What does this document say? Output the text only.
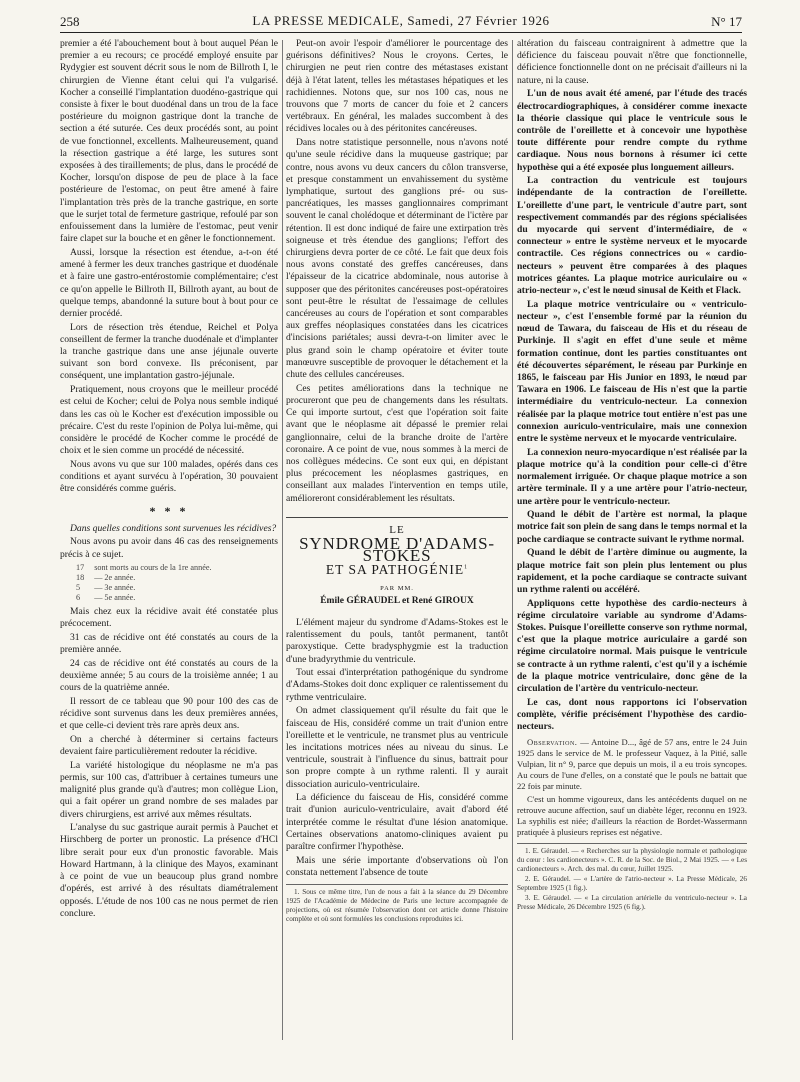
258	LA PRESSE MEDICALE, Samedi, 27 Février 1926	N° 17

premier a été l'abouchement bout à bout auquel Péan le premier a eu recours; ce procédé employé ensuite par Rydygier est souvent décrit sous le nom de Billroth I, le chirurgien de Vienne étant celui qui l'a vulgarisé. Kocher a conseillé l'implantation duodéno-gastrique qui consiste à fixer le bout duodénal dans un trou de la face postérieure du moignon gastrique dont la tranche de section a été suturée. Ces deux procédés sont, au point de vue fonctionnel, excellents. Malheureusement, quand la résection gastrique a été large, les sutures sont exposées à des tiraillements; de plus, dans le procédé de Kocher, lorsqu'on dispose de peu de place à la face postérieure de l'estomac, on peut être amené à faire l'implantation très près de la tranche gastrique, en sorte que le surjet total de fermeture gastrique, refoulé par son enfouissement dans la lumière de l'estomac, peut venir faire clapet sur la bouche et en gêner le fonctionnement.

Aussi, lorsque la résection est étendue, a-t-on été amené à fermer les deux tranches gastrique et duodénale et à faire une gastro-entérostomie complémentaire; c'est ce qu'on appelle le Billroth II, Billroth ayant, au bout de quelque temps, abandonné la suture bout à bout pour ce dernier procédé.

Lors de résection très étendue, Reichel et Polya conseillent de fermer la tranche duodénale et d'implanter la tranche gastrique dans une anse jéjunale ouverte suivant son bord convexe. Ils préconisent, par conséquent, une implantation gastro-jéjunale.

Pratiquement, nous croyons que le meilleur procédé est celui de Kocher; celui de Polya nous semble indiqué dans les cas où le Kocher est d'exécution impossible ou précaire. C'est du reste l'opinion de Polya lui-même, qui considère le procédé de Kocher comme le procédé de choix et le sien comme un procédé de nécessité.

Nous avons vu que sur 100 malades, opérés dans ces conditions et ayant survécu à l'opération, 30 pouvaient être considérés comme guéris.

* * *

Dans quelles conditions sont survenues les récidives?

Nous avons pu avoir dans 46 cas des renseignements précis à ce sujet.

17	sont morts au cours de la 1re année.
18	— 2e année.
5	— 3e année.
6	— 5e année.

Mais chez eux la récidive avait été constatée plus précocement.

31 cas de récidive ont été constatés au cours de la première année.

24 cas de récidive ont été constatés au cours de la deuxième année; 5 au cours de la troisième année; 1 au cours de la quatrième année.

Il ressort de ce tableau que 90 pour 100 des cas de récidive sont survenus dans les deux premières années, et que celle-ci devient très rare après deux ans.

On a cherché à déterminer si certains facteurs devaient faire particulièrement redouter la récidive.

La variété histologique du néoplasme ne m'a pas permis, sur 100 cas, d'attribuer à certaines tumeurs une malignité plus grande qu'à d'autres; mon collègue Lion, qui a fait opérer un grand nombre de ses malades par divers chirurgiens, est arrivé aux mêmes résultats.

L'analyse du suc gastrique aurait permis à Pauchet et Hirschberg de porter un pronostic. La présence d'HCl libre serait pour eux d'un pronostic favorable. Mais Howard Hartmann, à la clinique des Mayos, examinant à ce point de vue un beaucoup plus grand nombre d'opérés, est arrivé à des résultats diamétralement opposés. L'étude de nos 100 cas ne nous permet de rien conclure.

Peut-on avoir l'espoir d'améliorer le pourcentage des guérisons définitives? Nous le croyons. Certes, le chirurgien ne peut rien contre des métastases existant déjà à l'état latent, telles les métastases hépatiques et les rachidiennes. Notons que, sur nos 100 cas, nous ne trouvons que 7 morts de cancer du foie et 2 cancers vertébraux. En général, les malades succombent à des récidives locales ou à des péritonites cancéreuses.

Dans notre statistique personnelle, nous n'avons noté qu'une seule récidive dans la muqueuse gastrique; par contre, nous avons vu deux cancers du côlon transverse, et presque constamment un envahissement du système lymphatique, surtout des ganglions pré- ou sus-pancréatiques, les masses ganglionnaires comprimant souvent le canal cholédoque et déterminant de l'ictère par rétention. Il est donc indiqué de faire une extirpation très soigneuse et très étendue des ganglions; l'effort des chirurgiens devra porter de ce côté. Le fait que deux fois nous avons constaté des greffes cancéreuses, dans l'épaisseur de la cicatrice abdominale, nous autorise à supposer que des péritonites cancéreuses post-opératoires sont peut-être le résultat de l'essaimage de cellules cancéreuses au cours de l'opération et sont comparables aux greffes néoplasiques constatées dans les cicatrices d'incisions pariétales; aussi devra-t-on limiter avec le plus grand soin le champ opératoire et éviter toute manœuvre susceptible de provoquer le détachement et la chute des cellules cancéreuses.

Ces petites améliorations dans la technique ne procureront que peu de changements dans les résultats. Ce qui importe surtout, c'est que l'opération soit faite avant que le néoplasme ait dépassé le premier relai ganglionnaire, celui de la branche droite de l'artère coronaire. A ce point de vue, nous sommes à la merci de nos collègues médecins. Ce sont eux qui, en dépistant plus précocement les néoplasmes gastriques, en conseillant aux malades l'intervention en temps utile, amélioreront considérablement les résultats.

LE
SYNDROME D'ADAMS-STOKES
ET SA PATHOGÉNIE$^1$
PAR MM.
Émile GÉRAUDEL et René GIROUX

L'élément majeur du syndrome d'Adams-Stokes est le ralentissement du pouls, tantôt permanent, tantôt paroxystique. Cette bradysphygmie est la traduction d'une bradyrythmie du ventricule.

Tout essai d'interprétation pathogénique du syndrome d'Adams-Stokes doit donc expliquer ce ralentissement du rythme ventriculaire.

On admet classiquement qu'il résulte du fait que le faisceau de His, considéré comme un trait d'union entre l'oreillette et le ventricule, ne transmet plus au ventricule les incitations motrices nées au niveau du sinus. Le ventricule, soustrait à l'influence du sinus, battrait pour son propre compte à un rythme ralenti. Il y aurait dissociation auriculo-ventriculaire.

La déficience du faisceau de His, considéré comme trait d'union auriculo-ventriculaire, avait d'abord été interprétée comme le résultat d'une lésion anatomique. Certaines observations anatomo-cliniques avaient pu paraître confirmer l'hypothèse.

Mais une série importante d'observations où l'on constata nettement l'absence de toute

1. Sous ce même titre, l'un de nous a fait à la séance du 29 Décembre 1925 de l'Académie de Médecine de Paris une lecture accompagnée de projections, où est résumée l'observation dont cet article donne l'histoire complète et où sont formulées les conclusions reproduites ici.

altération du faisceau contraignirent à admettre que la déficience du faisceau pouvait n'être que fonctionnelle, déficience fonctionnelle dont on ne précisait d'ailleurs ni la nature, ni la cause.

L'un de nous avait été amené, par l'étude des tracés électrocardiographiques, à considérer comme inexacte la théorie classique qui place le ventricule sous le contrôle de l'oreillette et à concevoir une hypothèse toute différente pour rendre compte du rythme cardiaque. Nous nous bornons à résumer ici cette hypothèse qui a été exposée plus longuement ailleurs.

La contraction du ventricule est toujours indépendante de la contraction de l'oreillette. L'oreillette d'une part, le ventricule d'autre part, sont respectivement commandés par des régions spécialisées du myocarde qui servent d'intermédiaire, de « connecteur » entre le système nerveux et le myocarde contractile. Ces régions connectrices ou « cardio-necteurs » peuvent être comparées à des plaques motrices géantes. La plaque motrice auriculaire ou « atrio-necteur », c'est le nœud sinusal de Keith et Flack.

La plaque motrice ventriculaire ou « ventriculo-necteur », c'est l'ensemble formé par la réunion du nœud de Tawara, du faisceau de His et du réseau de Purkinje. Il s'agit en effet d'une seule et même formation continue, dont les parties constituantes ont été découvertes séparément, le réseau par Purkinje en 1865, le faisceau par His Junior en 1893, le nœud par Tawara en 1906. Le faisceau de His n'est que la partie intermédiaire du ventriculo-necteur. La connexion réalisée par la plaque motrice tout entière n'est pas une connexion auriculo-ventriculaire, mais une connexion entre le système nerveux et le myocarde ventriculaire.

La connexion neuro-myocardique n'est réalisée par la plaque motrice qu'à la condition pour celle-ci d'être normalement irriguée. Or chaque plaque motrice a son artère terminale. Il y a une artère pour l'atrio-necteur, une artère pour le ventriculo-necteur.

Quand le débit de l'artère est normal, la plaque motrice fait son plein de sang dans le temps normal et la poche cardiaque se contracte suivant le rythme normal.

Quand le débit de l'artère diminue ou augmente, la plaque motrice fait son plein plus lentement ou plus rapidement, et la poche cardiaque se contracte suivant un rythme ralenti ou accéléré.

Appliquons cette hypothèse des cardio-necteurs à régime circulatoire variable au syndrome d'Adams-Stokes. Puisque l'oreillette conserve son rythme normal, c'est que la plaque motrice auriculaire a gardé son régime circulatoire normal. Mais puisque le ventricule se contracte à un rythme ralenti, c'est qu'il y a ischémie de la plaque motrice ventriculaire, donc gêne de la circulation de l'artère du ventriculo-necteur.

Le cas, dont nous rapportons ici l'observation complète, vérifie précisément l'hypothèse des cardio-necteurs.

Observation. — Antoine D..., âgé de 57 ans, entre le 24 Juin 1925 dans le service de M. le professeur Vaquez, à la Pitié, salle Vulpian, lit n° 9, parce que depuis un mois, il a eu trois syncopes. Au cours de l'une d'elles, on a constaté que le pouls ne battait que 22 fois par minute.

C'est un homme vigoureux, dans les antécédents duquel on ne retrouve aucune affection, sauf un diabète léger, reconnu en 1923. La syphilis est niée; d'ailleurs la réaction de Bordet-Wassermann pratiquée à plusieurs reprises est négative.

1. E. Géraudel. — « Recherches sur la physiologie normale et pathologique du cœur : les cardionecteurs ». C. R. de la Soc. de Biol., 2 Mai 1925. — « Les cardionecteurs ». Arch. des mal. du cœur, Juillet 1925.

2. E. Géraudel. — « L'artère de l'atrio-necteur ». La Presse Médicale, 26 Septembre 1925 (1 fig.).

3. E. Géraudel. — « La circulation artérielle du ventriculo-necteur ». La Presse Médicale, 26 Décembre 1925 (6 fig.).
